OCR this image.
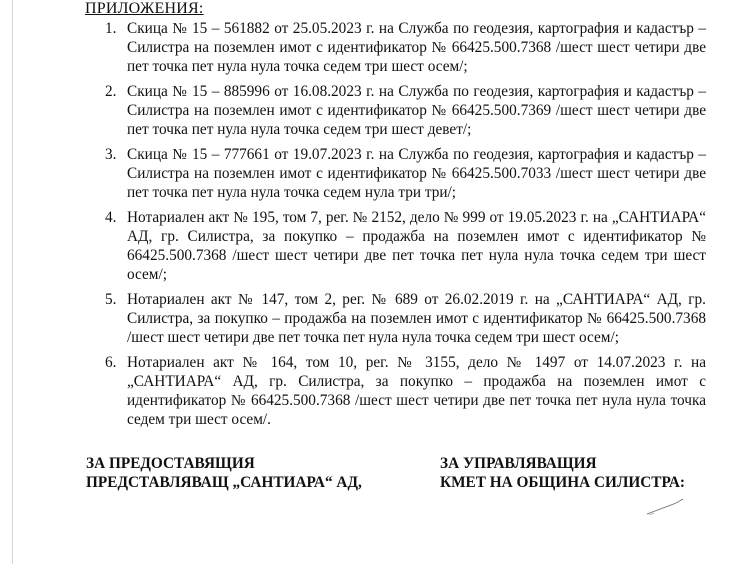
ПРИЛОЖЕНИЯ:
1. Скица № 15 – 561882 от 25.05.2023 г. на Служба по геодезия, картография и кадастър – Силистра на поземлен имот с идентификатор № 66425.500.7368 /шест шест четири две пет точка пет нула нула точка седем три шест осем/;
2. Скица № 15 – 885996 от 16.08.2023 г. на Служба по геодезия, картография и кадастър – Силистра на поземлен имот с идентификатор № 66425.500.7369 /шест шест четири две пет точка пет нула нула точка седем три шест девет/;
3. Скица № 15 – 777661 от 19.07.2023 г. на Служба по геодезия, картография и кадастър – Силистра на поземлен имот с идентификатор № 66425.500.7033 /шест шест четири две пет точка пет нула нула точка седем нула три три/;
4. Нотариален акт № 195, том 7, рег. № 2152, дело № 999 от 19.05.2023 г. на „САНТИАРА“ АД, гр. Силистра, за покупко – продажба на поземлен имот с идентификатор № 66425.500.7368 /шест шест четири две пет точка пет нула нула точка седем три шест осем/;
5. Нотариален акт № 147, том 2, рег. № 689 от 26.02.2019 г. на „САНТИАРА“ АД, гр. Силистра, за покупко – продажба на поземлен имот с идентификатор № 66425.500.7368 /шест шест четири две пет точка пет нула нула точка седем три шест осем/;
6. Нотариален акт № 164, том 10, рег. № 3155, дело № 1497 от 14.07.2023 г. на „САНТИАРА“ АД, гр. Силистра, за покупко – продажба на поземлен имот с идентификатор № 66425.500.7368 /шест шест четири две пет точка пет нула нула точка седем три шест осем/.
ЗА ПРЕДОСТАВЯЩИЯ
ПРЕДСТАВЛЯВАЩ „САНТИАРА“ АД,
ЗА УПРАВЛЯВАЩИЯ
КМЕТ НА ОБЩИНА СИЛИСТРА:
